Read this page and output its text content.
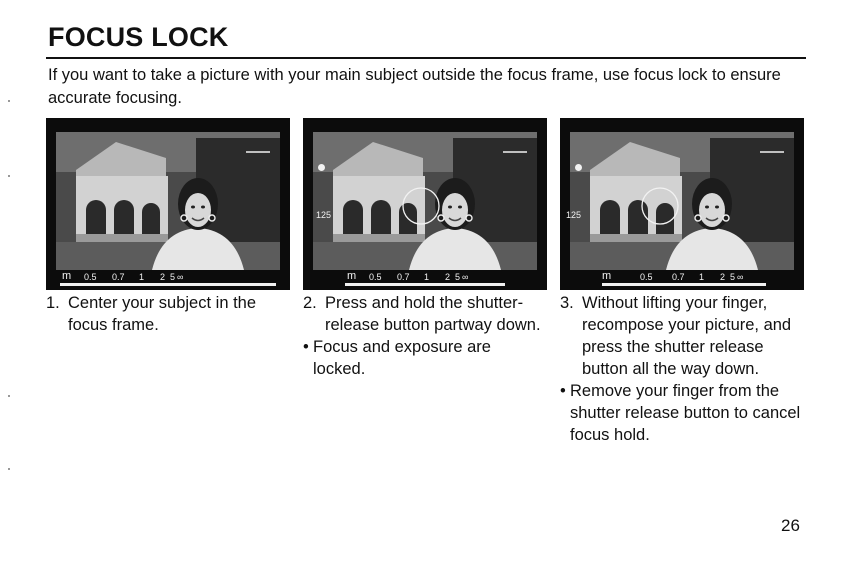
FOCUS LOCK

If you want to take a picture with your main subject outside the focus frame, use focus lock to ensure accurate focusing.

m 0.5 0.7 1 2 5 ∞
125
m 0.5 0.7 1 2 5 ∞
125
m	0.5 0.7 1 2 5 ∞
1. Center your subject in the focus frame.
2. Press and hold the shutter-release button partway down.
• Focus and exposure are locked.
3. Without lifting your finger, recompose your picture, and press the shutter release button all the way down.
• Remove your finger from the shutter release button to cancel focus hold.
26
